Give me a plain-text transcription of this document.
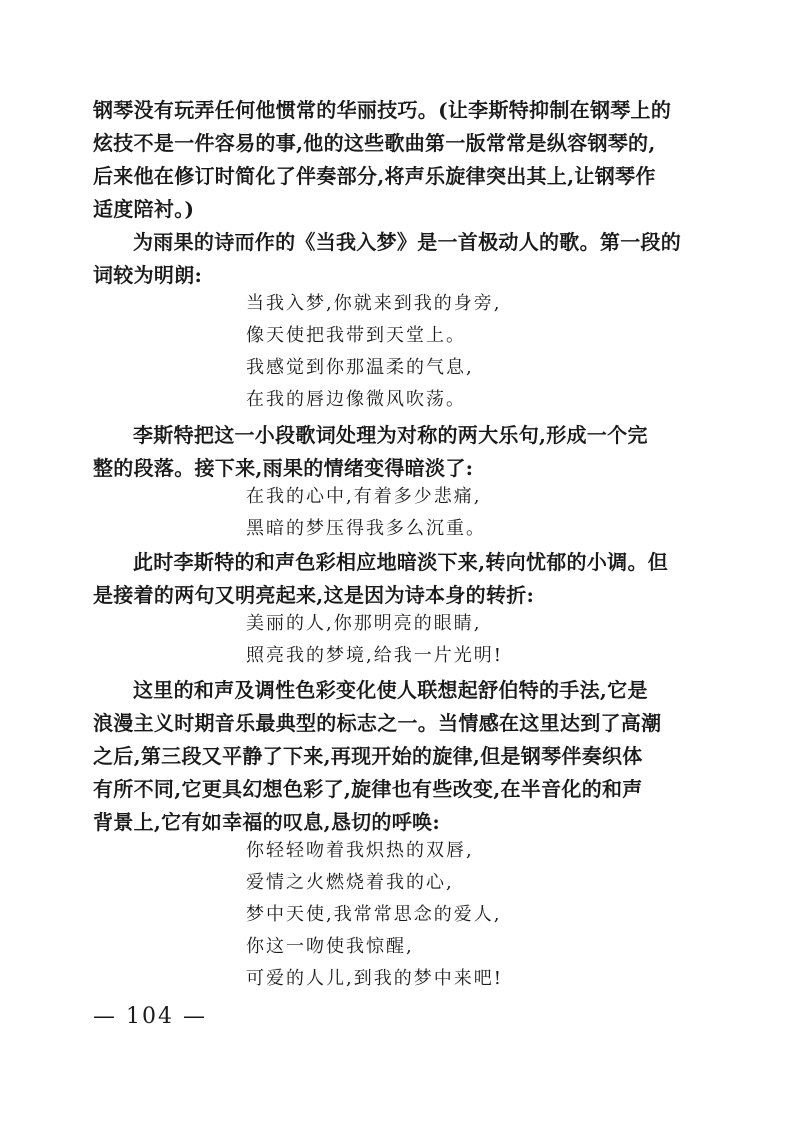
钢琴没有玩弄任何他惯常的华丽技巧。(让李斯特抑制在钢琴上的
炫技不是一件容易的事,他的这些歌曲第一版常常是纵容钢琴的,
后来他在修订时简化了伴奏部分,将声乐旋律突出其上,让钢琴作
适度陪衬。)

为雨果的诗而作的《当我入梦》是一首极动人的歌。第一段的
词较为明朗:

当我入梦,你就来到我的身旁,
像天使把我带到天堂上。
我感觉到你那温柔的气息,
在我的唇边像微风吹荡。

李斯特把这一小段歌词处理为对称的两大乐句,形成一个完
整的段落。接下来,雨果的情绪变得暗淡了:

在我的心中,有着多少悲痛,
黑暗的梦压得我多么沉重。

此时李斯特的和声色彩相应地暗淡下来,转向忧郁的小调。但
是接着的两句又明亮起来,这是因为诗本身的转折:

美丽的人,你那明亮的眼睛,
照亮我的梦境,给我一片光明!

这里的和声及调性色彩变化使人联想起舒伯特的手法,它是
浪漫主义时期音乐最典型的标志之一。当情感在这里达到了高潮
之后,第三段又平静了下来,再现开始的旋律,但是钢琴伴奏织体
有所不同,它更具幻想色彩了,旋律也有些改变,在半音化的和声
背景上,它有如幸福的叹息,恳切的呼唤:

你轻轻吻着我炽热的双唇,
爱情之火燃烧着我的心,
梦中天使,我常常思念的爱人,
你这一吻使我惊醒,
可爱的人儿,到我的梦中来吧!
— 104 —
